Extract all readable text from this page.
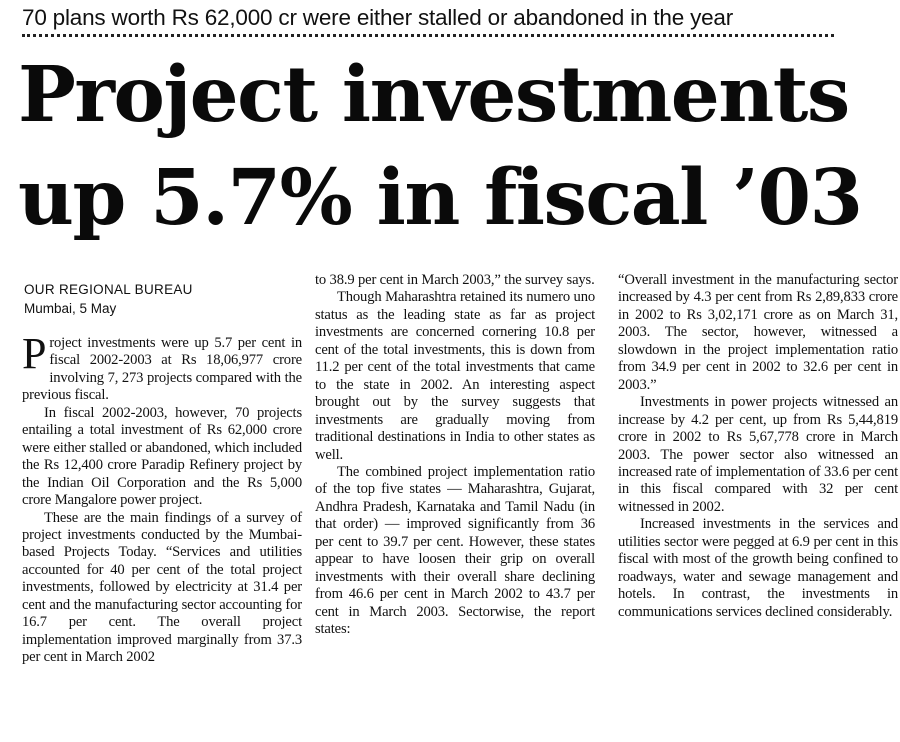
70 plans worth Rs 62,000 cr were either stalled or abandoned in the year
Project investments
up 5.7% in fiscal ’03
OUR REGIONAL BUREAU
Mumbai, 5 May

Project investments were up 5.7 per cent in fiscal 2002-2003 at Rs 18,06,977 crore involving 7, 273 projects compared with the previous fiscal.

In fiscal 2002-2003, however, 70 projects entailing a total investment of Rs 62,000 crore were either stalled or abandoned, which included the Rs 12,400 crore Paradip Refinery project by the Indian Oil Corporation and the Rs 5,000 crore Mangalore power project.

These are the main findings of a survey of project investments conducted by the Mumbai-based Projects Today. “Services and utilities accounted for 40 per cent of the total project investments, followed by electricity at 31.4 per cent and the manufacturing sector accounting for 16.7 per cent. The overall project implementation improved marginally from 37.3 per cent in March 2002

to 38.9 per cent in March 2003,” the survey says.

Though Maharashtra retained its numero uno status as the leading state as far as project investments are concerned cornering 10.8 per cent of the total investments, this is down from 11.2 per cent of the total investments that came to the state in 2002. An interesting aspect brought out by the survey suggests that investments are gradually moving from traditional destinations in India to other states as well.

The combined project implementation ratio of the top five states — Maharashtra, Gujarat, Andhra Pradesh, Karnataka and Tamil Nadu (in that order) — improved significantly from 36 per cent to 39.7 per cent. However, these states appear to have loosen their grip on overall investments with their overall share declining from 46.6 per cent in March 2002 to 43.7 per cent in March 2003. Sectorwise, the report states:

“Overall investment in the manufacturing sector increased by 4.3 per cent from Rs 2,89,833 crore in 2002 to Rs 3,02,171 crore as on March 31, 2003. The sector, however, witnessed a slowdown in the project implementation ratio from 34.9 per cent in 2002 to 32.6 per cent in 2003.”

Investments in power projects witnessed an increase by 4.2 per cent, up from Rs 5,44,819 crore in 2002 to Rs 5,67,778 crore in March 2003. The power sector also witnessed an increased rate of implementation of 33.6 per cent in this fiscal compared with 32 per cent witnessed in 2002.

Increased investments in the services and utilities sector were pegged at 6.9 per cent in this fiscal with most of the growth being confined to roadways, water and sewage management and hotels. In contrast, the investments in communications services declined considerably.
